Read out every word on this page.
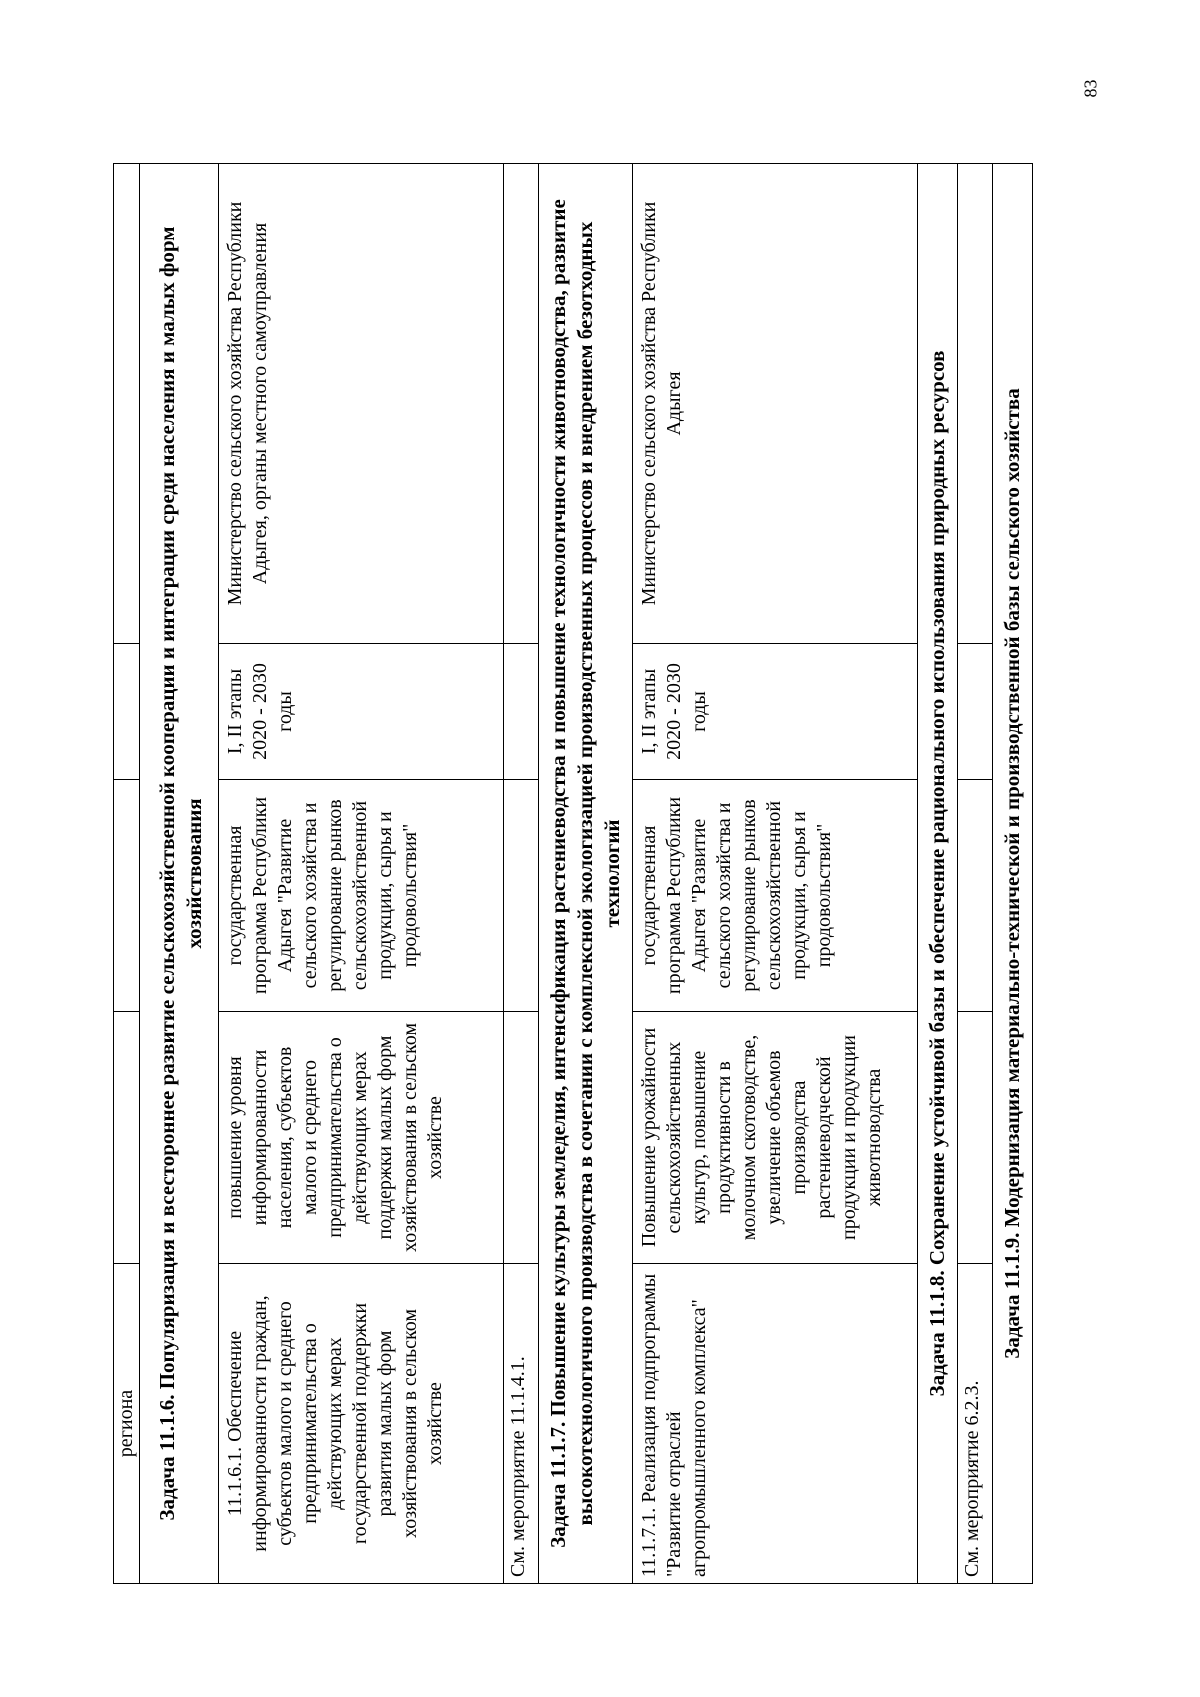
83
региона				
Задача 11.1.6. Популяризация и всестороннее развитие сельскохозяйственной кооперации и интеграции среди населения и малых форм хозяйствования				
11.1.6.1. Обеспечение информированности граждан, субъектов малого и среднего предпринимательства о действующих мерах государственной поддержки развития малых форм хозяйствования в сельском хозяйстве	повышение уровня информированности населения, субъектов малого и среднего предпринимательства о действующих мерах поддержки малых форм хозяйствования в сельском хозяйстве	государственная программа Республики Адыгея "Развитие сельского хозяйства и регулирование рынков сельскохозяйственной продукции, сырья и продовольствия"	I, II этапы 2020 - 2030 годы	Министерство сельского хозяйства Республики Адыгея, органы местного самоуправления
См. мероприятие 11.1.4.1.				
Задача 11.1.7. Повышение культуры земледелия, интенсификация растениеводства и повышение технологичности животноводства, развитие высокотехнологичного производства в сочетании с комплексной экологизацией производственных процессов и внедрением безотходных технологий				
11.1.7.1. Реализация подпрограммы "Развитие отраслей агропромышленного комплекса"	Повышение урожайности сельскохозяйственных культур, повышение продуктивности в молочном скотоводстве, увеличение объемов производства растениеводческой продукции и продукции животноводства	государственная программа Республики Адыгея "Развитие сельского хозяйства и регулирование рынков сельскохозяйственной продукции, сырья и продовольствия"	I, II этапы 2020 - 2030 годы	Министерство сельского хозяйства Республики Адыгея
Задача 11.1.8. Сохранение устойчивой базы и обеспечение рационального использования природных ресурсов				
См. мероприятие 6.2.3.				
Задача 11.1.9. Модернизация материально-технической и производственной базы сельского хозяйства				
